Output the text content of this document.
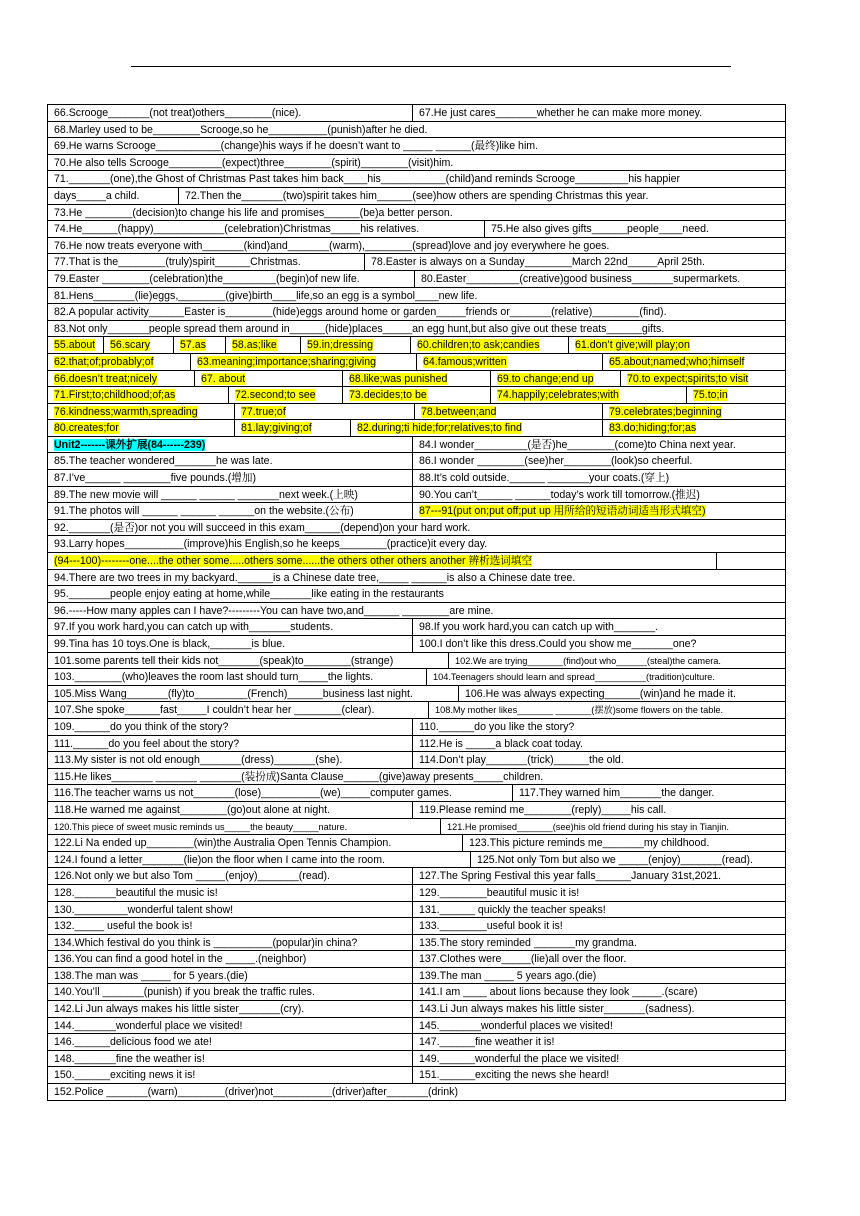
66.Scrooge_______(not treat)others________(nice).	67.He just cares_______whether he can make more money.
68.Marley used to be________Scrooge,so he__________(punish)after he died.
69.He warns Scrooge___________(change)his ways if he doesn’t want to _____ ______(最终)like him.
70.He also tells Scrooge_________(expect)three________(spirit)________(visit)him.
71._______(one),the Ghost of Christmas Past takes him back____his___________(child)and reminds Scrooge_________his happier
days_____a child.	72.Then the_______(two)spirit takes him______(see)how others are spending Christmas this year.
73.He ________(decision)to change his life and promises______(be)a better person.
74.He______(happy)____________(celebration)Christmas_____his relatives.	75.He also gives gifts______people____need.
76.He now treats everyone with_______(kind)and_______(warm),________(spread)love and joy everywhere he goes.
77.That is the________(truly)spirit______Christmas.	78.Easter is always on a Sunday________March 22nd_____April 25th.
79.Easter ________(celebration)the_________(begin)of new life.	80.Easter_________(creative)good business_______supermarkets.
81.Hens_______(lie)eggs,________(give)birth____life,so an egg is a symbol____new life.
82.A popular activity______Easter is________(hide)eggs around home or garden_____friends or_______(relative)________(find).
83.Not only_______people spread them around in______(hide)places_____an egg hunt,but also give out these treats______gifts.
55.about	56.scary	57.as	58.as;like	59.in;dressing	60.children;to ask;candies	61.don’t give;will play;on
62.that;of;probably;of	63.meaning;importance;sharing;giving	64.famous;written	65.about;named;who;himself
66.doesn’t treat;nicely	67. about	68.like;was punished	69.to change;end up	70.to expect;spirits;to visit
71.First;to;childhood;of;as	72.second;to see	73.decides;to be	74.happily;celebrates;with	75.to;in
76.kindness;warmth,spreading	77.true;of	78.between;and	79.celebrates;beginning
80.creates;for	81.lay;giving;of	82.during;ti hide;for;relatives;to find	83.do;hiding;for;as
Unit2-------课外扩展(84------239)	84.I wonder_________(是否)he________(come)to China next year.
85.The teacher wondered_______he was late.	86.I wonder ________(see)her________(look)so cheerful.
87.I’ve______ ________five pounds.(增加)	88.It’s cold outside.______ _______your coats.(穿上)
89.The new movie will ______ ______ _______next week.(上映)	90.You can’t______ ______today’s work till tomorrow.(推迟)
91.The photos will ______ ______ ______on the website.(公布)	87---91(put on;put off;put up 用所给的短语动词适当形式填空)
92._______(是否)or not you will succeed in this exam______(depend)on your hard work.
93.Larry hopes__________(improve)his English,so he keeps________(practice)it every day.
(94---100)--------one....the other some.....others some......the others other others another 辨析选词填空
94.There are two trees in my backyard.______is a Chinese date tree,_____ ______is also a Chinese date tree.
95._______people enjoy eating at home,while_______like eating in the restaurants
96.-----How many apples can I have?---------You can have two,and______ ________are mine.
97.If you work hard,you can catch up with_______students.	98.If you work hard,you can catch up with_______.
99.Tina has 10 toys.One is black,_______is blue.	100.I don’t like this dress.Could you show me_______one?
101.some parents tell their kids not_______(speak)to________(strange)	102.We are trying_______(find)out who______(steal)the camera.
103.________(who)leaves the room last should turn_____the lights.	104.Teenagers should learn and spread__________(tradition)culture.
105.Miss Wang_______(fly)to_________(French)______business last night.	106.He was always expecting______(win)and he made it.
107.She spoke______fast_____I couldn’t hear her ________(clear).	108.My mother likes_______ _______(摆放)some flowers on the table.
109.______do you think of the story?	110.______do you like the story?
111.______do you feel about the story?	112.He is _____a black coat today.
113.My sister is not old enough_______(dress)_______(she).	114.Don’t play_______(trick)______the old.
115.He likes_______ _______ _______(装扮成)Santa Clause______(give)away presents_____children.
116.The teacher warns us not_______(lose)__________(we)_____computer games.	117.They warned him_______the danger.
118.He warned me against________(go)out alone at night.	119.Please remind me________(reply)_____his call.
120.This piece of sweet music reminds us_____the beauty_____nature.	121.He promised_______(see)his old friend during his stay in Tianjin.
122.Li Na ended up________(win)the Australia Open Tennis Champion.	123.This picture reminds me_______my childhood.
124.I found a letter_______(lie)on the floor when I came into the room.	125.Not only Tom but also we _____(enjoy)_______(read).
126.Not only we but also Tom _____(enjoy)_______(read).	127.The Spring Festival this year falls______January 31st,2021.
128._______beautiful the music is!	129.________beautiful music it is!
130._________wonderful talent show!	131.______ quickly the teacher speaks!
132._____ useful the book is!	133.________useful book it is!
134.Which festival do you think is __________(popular)in china?	135.The story reminded _______my grandma.
136.You can find a good hotel in the _____.(neighbor)	137.Clothes were_____(lie)all over the floor.
138.The man was _____ for 5 years.(die)	139.The man _____ 5 years ago.(die)
140.You’ll _______(punish) if you break the traffic rules.	141.I am ____ about lions because they look _____.(scare)
142.Li Jun always makes his little sister_______(cry).	143.Li Jun always makes his little sister_______(sadness).
144._______wonderful place we visited!	145._______wonderful places we visited!
146.______delicious food we ate!	147.______fine weather it is!
148._______fine the weather is!	149.______wonderful the place we visited!
150.______exciting news it is!	151.______exciting the news she heard!
152.Police _______(warn)________(driver)not__________(driver)after_______(drink)
